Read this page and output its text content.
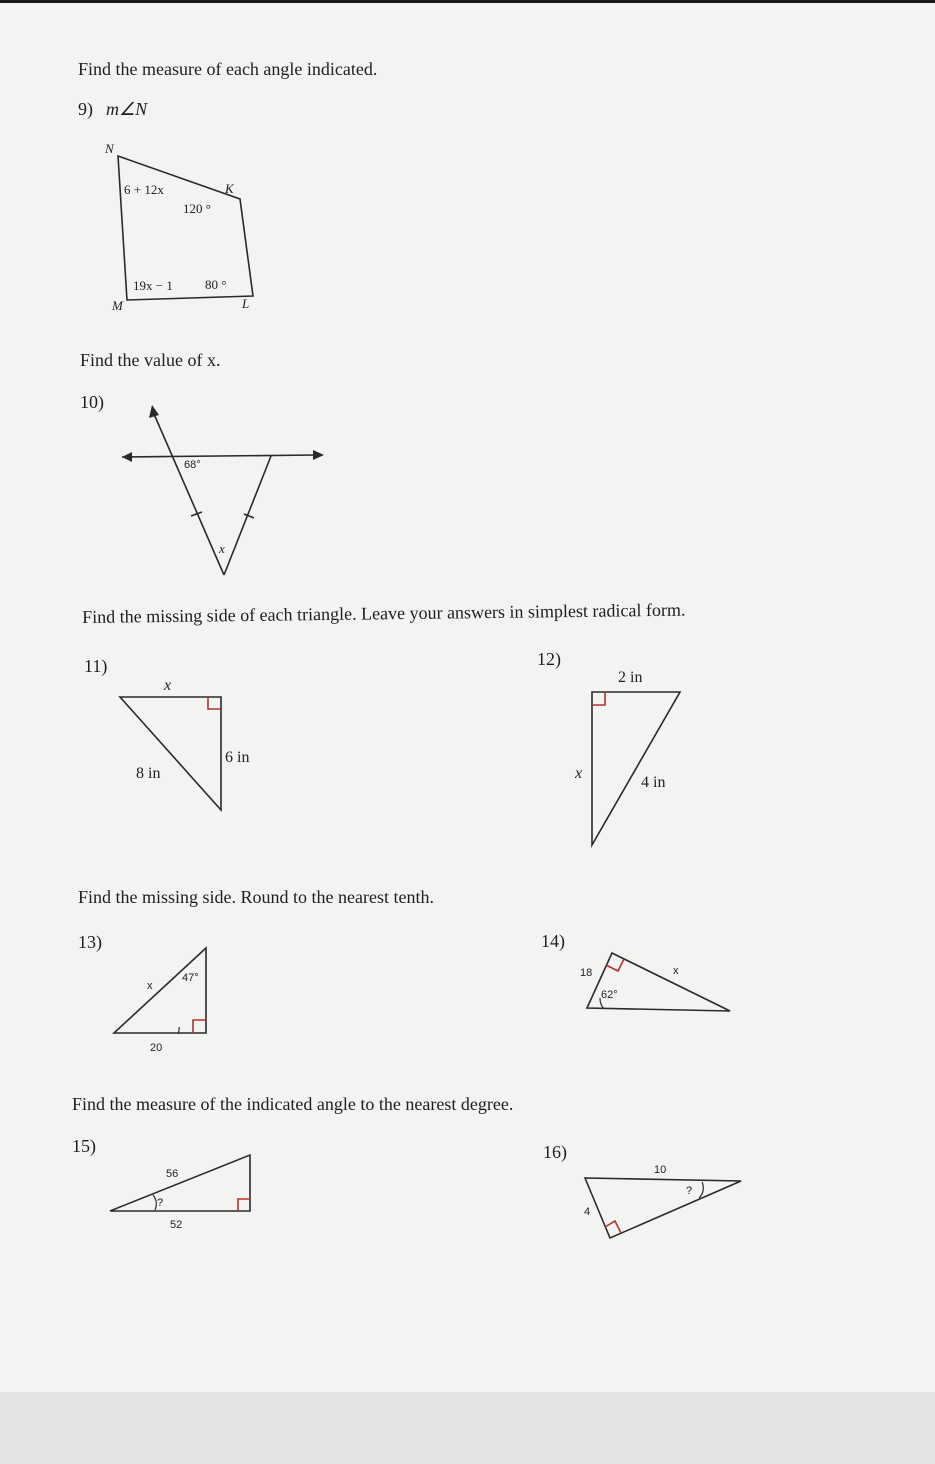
Find the measure of each angle indicated.

9) m∠N

Find the value of x.

10)

Find the missing side of each triangle. Leave your answers in simplest radical form.

11)	12)

Find the missing side. Round to the nearest tenth.

13)	14)

Find the measure of the indicated angle to the nearest degree.

15)	16)

N
K
M	L
6 + 12x
120 °
19x − 1 80 °
68°
x
x
8 in
6 in
2 in
x
4 in
47°
x
20
18
62°
x
56
?
52
10
?
4
